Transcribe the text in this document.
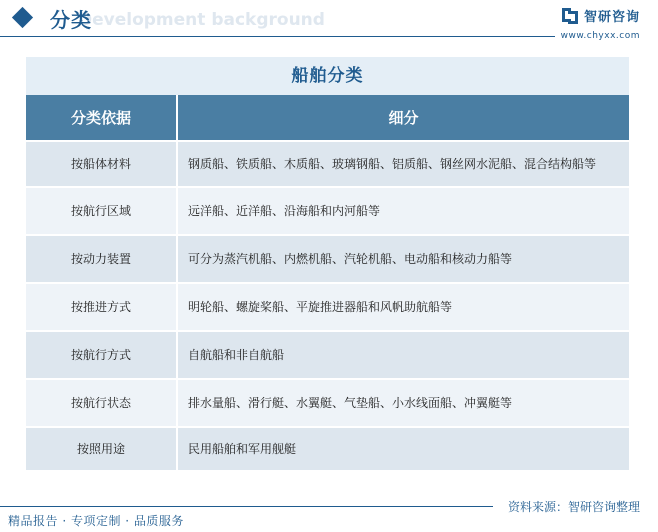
Development background
分类	智研咨询
www.chyxx.com
船舶分类
分类依据	细分
按船体材料	钢质船、铁质船、木质船、玻璃钢船、铝质船、钢丝网水泥船、混合结构船等
按航行区域	远洋船、近洋船、沿海船和内河船等
按动力装置	可分为蒸汽机船、内燃机船、汽轮机船、电动船和核动力船等
按推进方式	明轮船、螺旋桨船、平旋推进器船和风帆助航船等
按航行方式	自航船和非自航船
按航行状态	排水量船、滑行艇、水翼艇、气垫船、小水线面船、冲翼艇等
按照用途	民用船舶和军用舰艇
资料来源：智研咨询整理
精品报告 · 专项定制 · 品质服务
